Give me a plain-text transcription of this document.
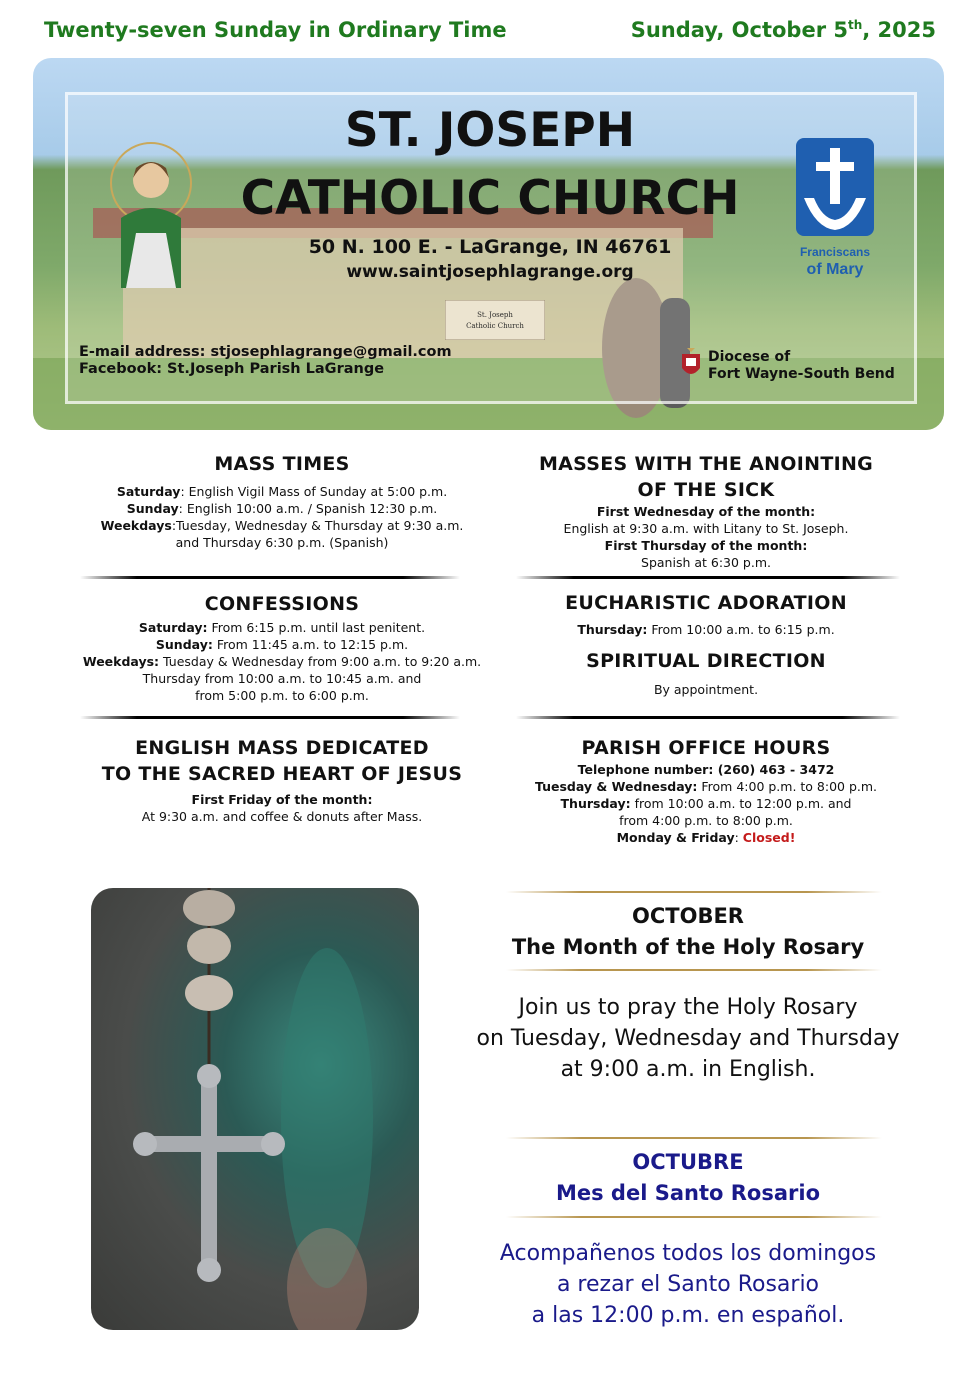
Twenty-seven Sunday in Ordinary Time	Sunday, October 5th, 2025
St. Joseph
Catholic Church
ST. JOSEPH
CATHOLIC CHURCH
50 N. 100 E. - LaGrange, IN 46761
www.saintjosephlagrange.org
E-mail address: stjosephlagrange@gmail.com
Facebook: St.Joseph Parish LaGrange
Franciscans
of Mary
Diocese of
Fort Wayne-South Bend
MASS TIMES
Saturday: English Vigil Mass of Sunday at 5:00 p.m.
Sunday: English 10:00 a.m. / Spanish 12:30 p.m.
Weekdays:Tuesday, Wednesday & Thursday at 9:30 a.m.
and Thursday 6:30 p.m. (Spanish)
MASSES WITH THE ANOINTING
OF THE SICK
First Wednesday of the month:
English at 9:30 a.m. with Litany to St. Joseph.
First Thursday of the month:
Spanish at 6:30 p.m.
CONFESSIONS
Saturday: From 6:15 p.m. until last penitent.
Sunday: From 11:45 a.m. to 12:15 p.m.
Weekdays: Tuesday & Wednesday from 9:00 a.m. to 9:20 a.m.
Thursday from 10:00 a.m. to 10:45 a.m. and
from 5:00 p.m. to 6:00 p.m.
EUCHARISTIC ADORATION
Thursday: From 10:00 a.m. to 6:15 p.m.
SPIRITUAL DIRECTION
By appointment.
ENGLISH MASS DEDICATED
TO THE SACRED HEART OF JESUS
First Friday of the month:
At 9:30 a.m. and coffee & donuts after Mass.
PARISH OFFICE HOURS
Telephone number: (260) 463 - 3472
Tuesday & Wednesday: From 4:00 p.m. to 8:00 p.m.
Thursday: from 10:00 a.m. to 12:00 p.m. and
from 4:00 p.m. to 8:00 p.m.
Monday & Friday: Closed!
OCTOBER
The Month of the Holy Rosary
Join us to pray the Holy Rosary
on Tuesday, Wednesday and Thursday
at 9:00 a.m. in English.
OCTUBRE
Mes del Santo Rosario
Acompañenos todos los domingos
a rezar el Santo Rosario
a las 12:00 p.m. en español.
